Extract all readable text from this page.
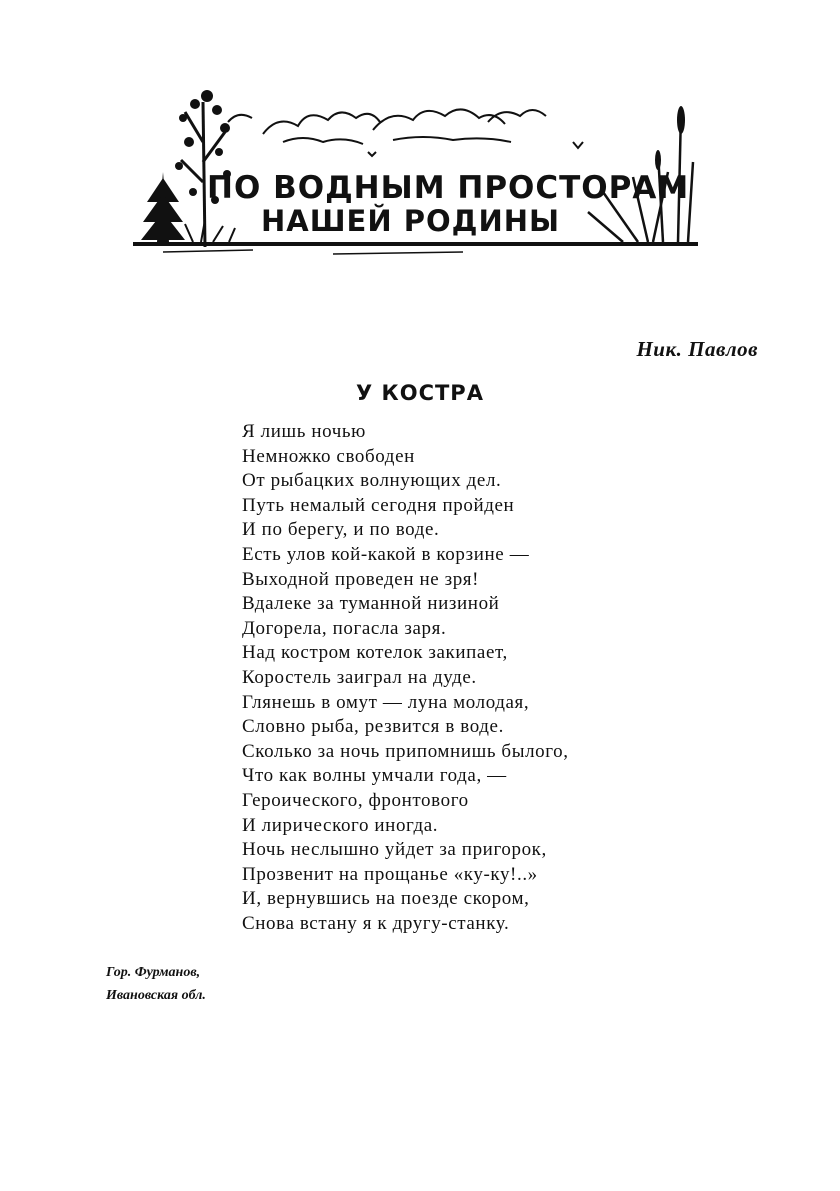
ПО ВОДНЫМ ПРОСТОРАМ
НАШЕЙ РОДИНЫ
Ник. Павлов
У КОСТРА
Я лишь ночью
Немножко свободен
От рыбацких волнующих дел.
Путь немалый сегодня пройден
И по берегу, и по воде.
Есть улов кой-какой в корзине —
Выходной проведен не зря!
Вдалеке за туманной низиной
Догорела, погасла заря.
Над костром котелок закипает,
Коростель заиграл на дуде.
Глянешь в омут — луна молодая,
Словно рыба, резвится в воде.
Сколько за ночь припомнишь былого,
Что как волны умчали года, —
Героического, фронтового
И лирического иногда.
Ночь неслышно уйдет за пригорок,
Прозвенит на прощанье «ку-ку!..»
И, вернувшись на поезде скором,
Снова встану я к другу-станку.
Гор. Фурманов,
Ивановская обл.
